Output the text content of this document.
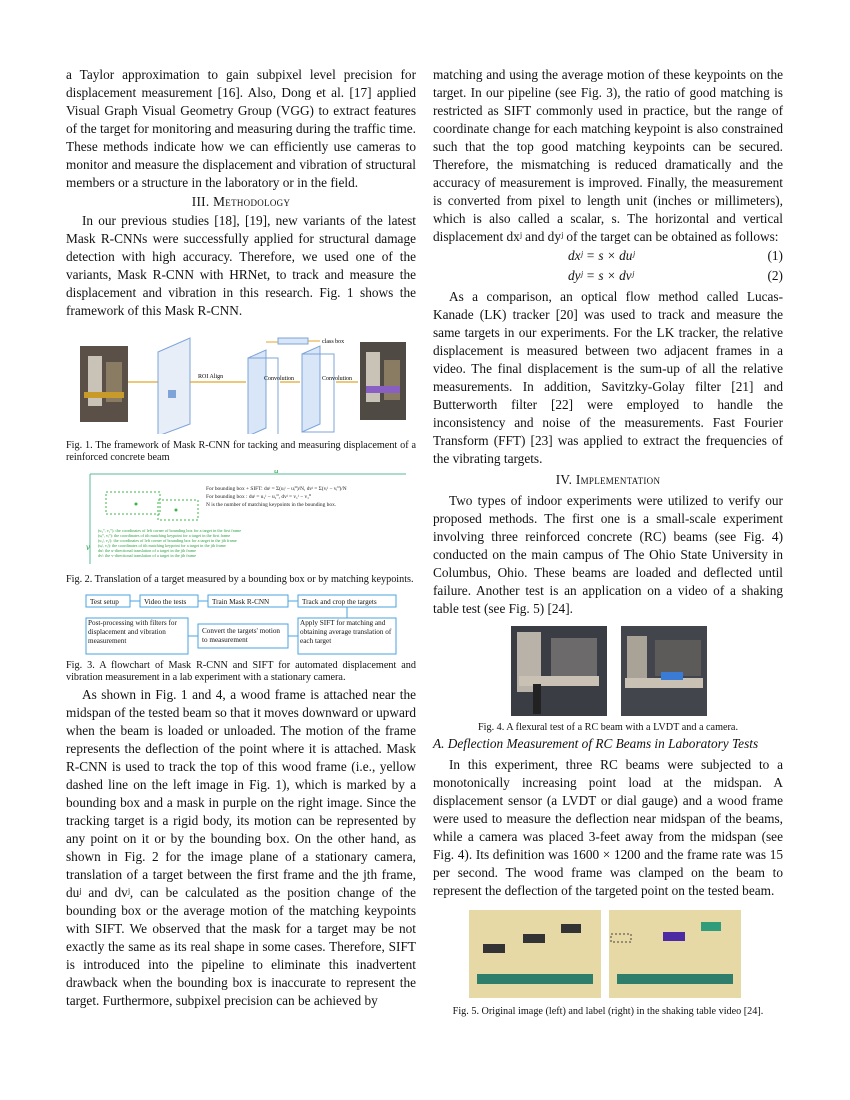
a Taylor approximation to gain subpixel level precision for displacement measurement [16]. Also, Dong et al. [17] applied Visual Graph Visual Geometry Group (VGG) to extract features of the target for monitoring and measuring during the traffic time. These methods indicate how we can efficiently use cameras to monitor and measure the displacement and vibration of structural members or a structure in the laboratory or in the field.

III. Methodology

In our previous studies [18], [19], new variants of the latest Mask R-CNNs were successfully applied for structural damage detection with high accuracy. Therefore, we used one of the variants, Mask R-CNN with HRNet, to track and measure the displacement and vibration in this research. Fig. 1 shows the framework of this Mask R-CNN.

ROI Align	Convolution	Convolution
class box

Fig. 1. The framework of Mask R-CNN for tacking and measuring displacement of a reinforced concrete beam

u
v
For bounding box + SIFT: duʲ = Σ(uᵢʲ − uᵢ⁰)/N, dvʲ = Σ(vᵢʲ − vᵢ⁰)/N
For bounding box : duʲ = u₁ʲ − u₁⁰, dvʲ = v₁ʲ − v₁⁰
N is the number of matching keypoints in the bounding box.
(u₁⁰, v₁⁰): the coordinates of left corner of bounding box for a target in the first frame
(uᵢ⁰, vᵢ⁰): the coordinates of ith matching keypoint for a target in the first frame
(u₁ʲ, v₁ʲ): the coordinates of left corner of bounding box for a target in the jth frame
(uᵢʲ, vᵢʲ): the coordinates of ith matching keypoint for a target in the jth frame
duʲ: the u-directional translation of a target in the jth frame
dvʲ: the v-directional translation of a target in the jth frame

Fig. 2. Translation of a target measured by a bounding box or by matching keypoints.

Test setup	Video the tests	Train Mask R-CNN	Track and crop the targets
Apply SIFT for matching and obtaining average translation of each target
Convert the targets' motion to measurement
Post-processing with filters for displacement and vibration measurement

Fig. 3. A flowchart of Mask R-CNN and SIFT for automated displacement and vibration measurement in a lab experiment with a stationary camera.

As shown in Fig. 1 and 4, a wood frame is attached near the midspan of the tested beam so that it moves downward or upward when the beam is loaded or unloaded. The motion of the frame represents the deflection of the point where it is attached. Mask R-CNN is used to track the top of this wood frame (i.e., yellow dashed line on the left image in Fig. 1), which is marked by a bounding box and a mask in purple on the right image. Since the tracking target is a rigid body, its motion can be represented by any point on it or by the bounding box. On the other hand, as shown in Fig. 2 for the image plane of a stationary camera, translation of a target between the first frame and the jth frame, duʲ and dvʲ, can be calculated as the position change of the bounding box or the average motion of the matching keypoints with SIFT. We observed that the mask for a target may be not exactly the same as its real shape in some cases. Therefore, SIFT is introduced into the pipeline to eliminate this inadvertent drawback when the bounding box is inaccurate to represent the target. Furthermore, subpixel precision can be achieved by

matching and using the average motion of these keypoints on the target. In our pipeline (see Fig. 3), the ratio of good matching is restricted as SIFT commonly used in practice, but the range of coordinate change for each matching keypoint is also constrained such that the top good matching keypoints can be secured. Therefore, the mismatching is reduced dramatically and the accuracy of measurement is improved. Finally, the measurement is converted from pixel to length unit (inches or millimeters), which is also called a scalar, s. The horizontal and vertical displacement dxʲ and dyʲ of the target can be obtained as follows:

dxʲ = s × duʲ	(1)
dyʲ = s × dvʲ	(2)

As a comparison, an optical flow method called Lucas-Kanade (LK) tracker [20] was used to track and measure the same targets in our experiments. For the LK tracker, the relative displacement is measured between two adjacent frames in a video. The final displacement is the sum-up of all the relative measurements. In addition, Savitzky-Golay filter [21] and Butterworth filter [22] were employed to handle the inconsistency and noise of the measurements. Fast Fourier Transform (FFT) [23] was applied to extract the frequencies of the vibrating targets.

IV. Implementation

Two types of indoor experiments were utilized to verify our proposed methods. The first one is a small-scale experiment involving three reinforced concrete (RC) beams (see Fig. 4) conducted on the main campus of The Ohio State University in Columbus, Ohio. These beams are loaded and deflected until failure. Another test is an application on a video of a shaking table test (see Fig. 5) [24].

Fig. 4. A flexural test of a RC beam with a LVDT and a camera.

A. Deflection Measurement of RC Beams in Laboratory Tests

In this experiment, three RC beams were subjected to a monotonically increasing point load at the midspan. A displacement sensor (a LVDT or dial gauge) and a wood frame were used to measure the deflection near midspan of the beams, while a camera was placed 3-feet away from the midspan (see Fig. 4). Its definition was 1600 × 1200 and the frame rate was 15 per second. The wood frame was clamped on the beam to represent the deflection of the targeted point on the tested beam.

Fig. 5. Original image (left) and label (right) in the shaking table video [24].
